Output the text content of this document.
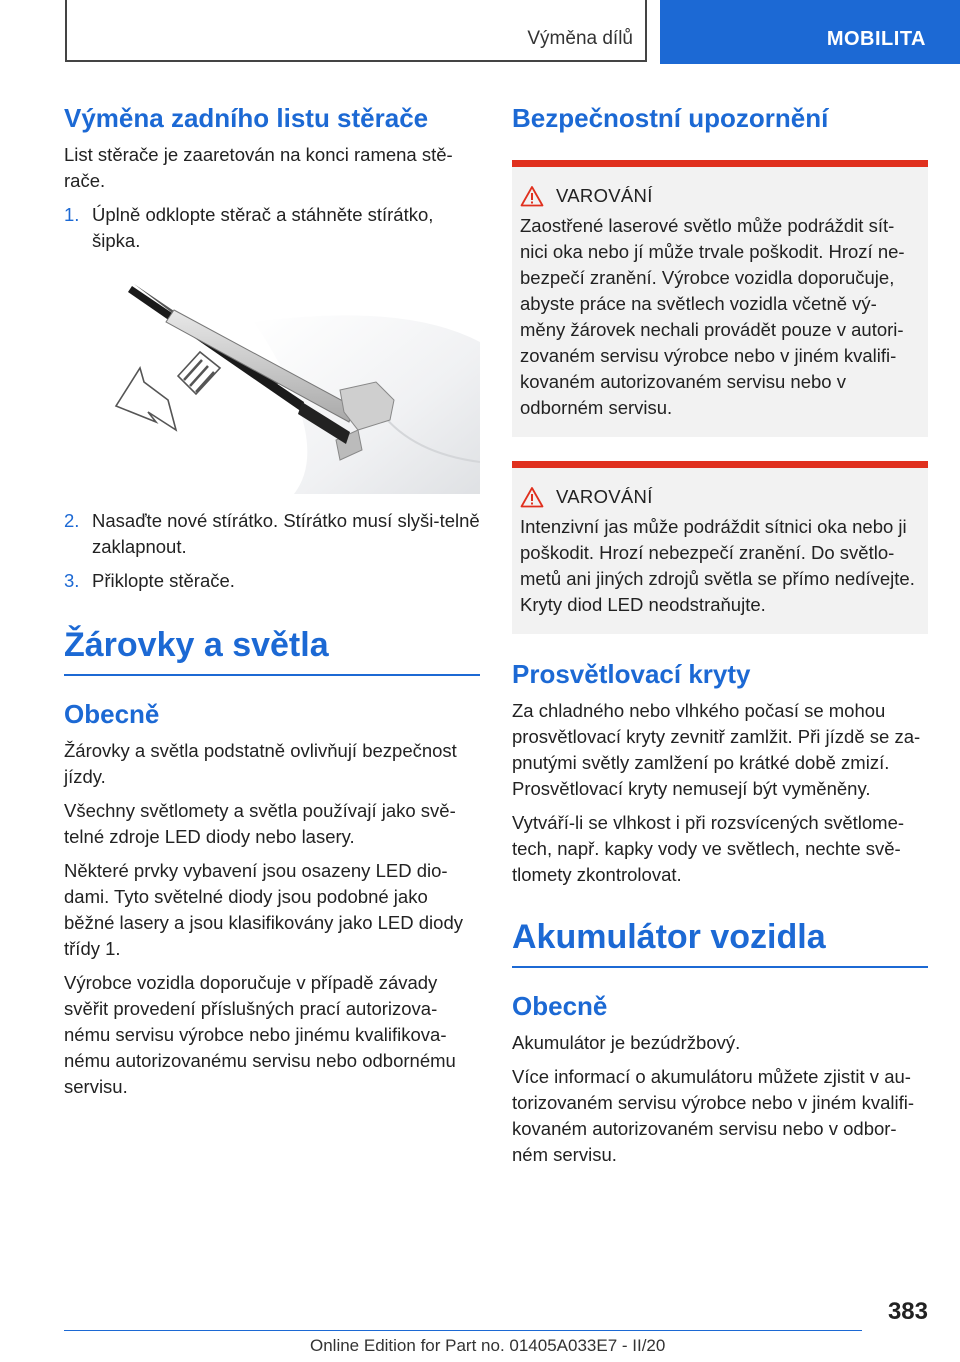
Výměna dílů	MOBILITA
Výměna zadního listu stěrače

List stěrače je zaaretován na konci ramena stě‐rače.

1. Úplně odklopte stěrač a stáhněte stírátko, šipka.
2. Nasaďte nové stírátko. Stírátko musí slyši‐telně zaklapnout.
3. Přiklopte stěrače.
Žárovky a světla
Obecně

Žárovky a světla podstatně ovlivňují bezpečnost jízdy.

Všechny světlomety a světla používají jako svě‐telné zdroje LED diody nebo lasery.

Některé prvky vybavení jsou osazeny LED dio‐dami. Tyto světelné diody jsou podobné jako běžné lasery a jsou klasifikovány jako LED diody třídy 1.

Výrobce vozidla doporučuje v případě závady svěřit provedení příslušných prací autorizova‐nému servisu výrobce nebo jinému kvalifikova‐nému autorizovanému servisu nebo odbornému servisu.

Bezpečnostní upozornění
VAROVÁNÍ

Zaostřené laserové světlo může podráždit sít‐nici oka nebo jí může trvale poškodit. Hrozí ne‐bezpečí zranění. Výrobce vozidla doporučuje, abyste práce na světlech vozidla včetně vý‐měny žárovek nechali provádět pouze v autori‐zovaném servisu výrobce nebo v jiném kvalifi‐kovaném autorizovaném servisu nebo v odborném servisu.

VAROVÁNÍ

Intenzivní jas může podráždit sítnici oka nebo ji poškodit. Hrozí nebezpečí zranění. Do světlo‐metů ani jiných zdrojů světla se přímo nedívejte. Kryty diod LED neodstraňujte.

Prosvětlovací kryty

Za chladného nebo vlhkého počasí se mohou prosvětlovací kryty zevnitř zamlžit. Při jízdě se za‐pnutými světly zamlžení po krátké době zmizí. Prosvětlovací kryty nemusejí být vyměněny.

Vytváří-li se vlhkost i při rozsvícených světlome‐tech, např. kapky vody ve světlech, nechte svě‐tlomety zkontrolovat.

Akumulátor vozidla
Obecně

Akumulátor je bezúdržbový.

Více informací o akumulátoru můžete zjistit v au‐torizovaném servisu výrobce nebo v jiném kvalifi‐kovaném autorizovaném servisu nebo v odbor‐ném servisu.

383
Online Edition for Part no. 01405A033E7 - II/20
